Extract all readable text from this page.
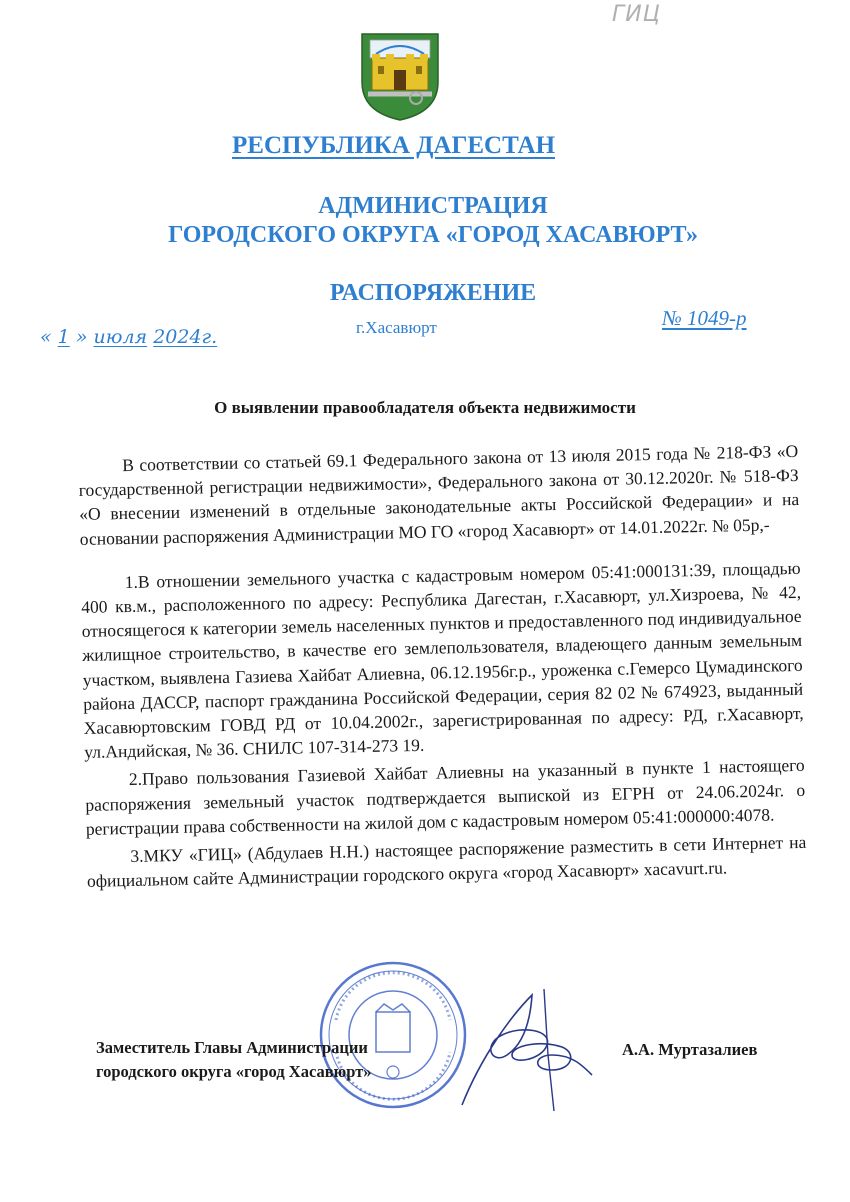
ГИЦ
РЕСПУБЛИКА ДАГЕСТАН
АДМИНИСТРАЦИЯ
ГОРОДСКОГО ОКРУГА «ГОРОД ХАСАВЮРТ»
РАСПОРЯЖЕНИЕ
« 1 » июля 2024г.	г.Хасавюрт	№ 1049-р
О выявлении правообладателя объекта недвижимости

В соответствии со статьей 69.1 Федерального закона от 13 июля 2015 года № 218-ФЗ «О государственной регистрации недвижимости», Федерального закона от 30.12.2020г. № 518-ФЗ «О внесении изменений в отдельные законодательные акты Российской Федерации» и на основании распоряжения Администрации МО ГО «город Хасавюрт» от 14.01.2022г. № 05р,-

1.В отношении земельного участка с кадастровым номером 05:41:000131:39, площадью 400 кв.м., расположенного по адресу: Республика Дагестан, г.Хасавюрт, ул.Хизроева, № 42, относящегося к категории земель населенных пунктов и предоставленного под индивидуальное жилищное строительство, в качестве его землепользователя, владеющего данным земельным участком, выявлена Газиева Хайбат Алиевна, 06.12.1956г.р., уроженка с.Гемерсо Цумадинского района ДАССР, паспорт гражданина Российской Федерации, серия 82 02 № 674923, выданный Хасавюртовским ГОВД РД от 10.04.2002г., зарегистрированная по адресу: РД, г.Хасавюрт, ул.Андийская, № 36. СНИЛС 107-314-273 19.

2.Право пользования Газиевой Хайбат Алиевны на указанный в пункте 1 настоящего распоряжения земельный участок подтверждается выпиской из ЕГРН от 24.06.2024г. о регистрации права собственности на жилой дом с кадастровым номером 05:41:000000:4078.

3.МКУ «ГИЦ» (Абдулаев Н.Н.) настоящее распоряжение разместить в сети Интернет на официальном сайте Администрации городского округа «город Хасавюрт» xacavurt.ru.

Заместитель Главы Администрации
городского округа «город Хасавюрт»
А.А. Муртазалиев
